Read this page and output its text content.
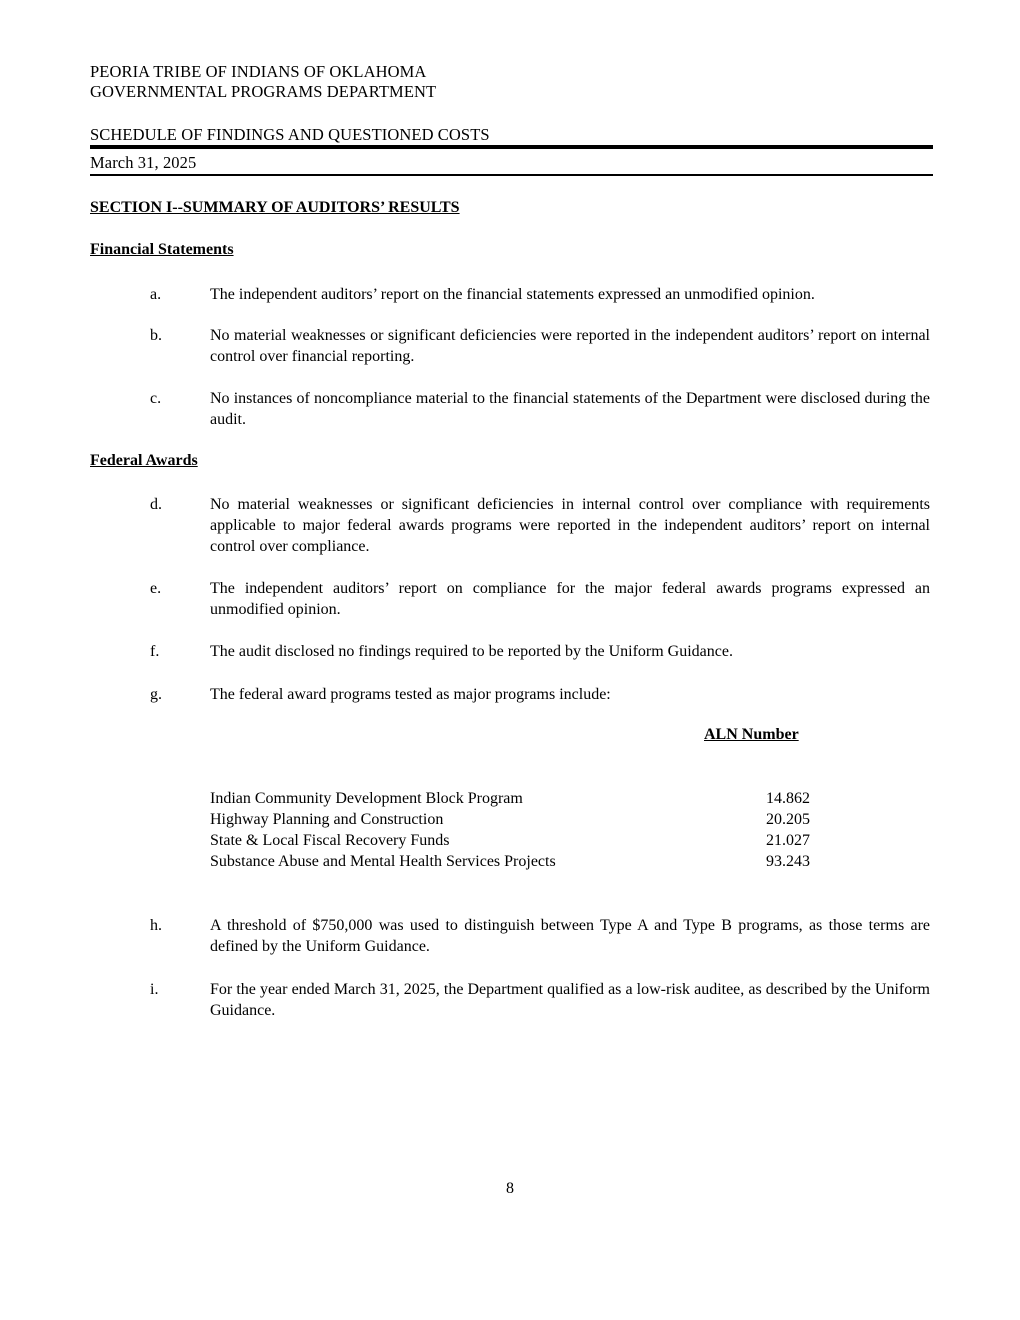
PEORIA TRIBE OF INDIANS OF OKLAHOMA
GOVERNMENTAL PROGRAMS DEPARTMENT
SCHEDULE OF FINDINGS AND QUESTIONED COSTS
March 31, 2025
SECTION I--SUMMARY OF AUDITORS’ RESULTS
Financial Statements
a.	The independent auditors’ report on the financial statements expressed an unmodified opinion.
b.	No material weaknesses or significant deficiencies were reported in the independent auditors’ report on internal control over financial reporting.
c.	No instances of noncompliance material to the financial statements of the Department were disclosed during the audit.
Federal Awards
d.	No material weaknesses or significant deficiencies in internal control over compliance with requirements applicable to major federal awards programs were reported in the independent auditors’ report on internal control over compliance.
e.	The independent auditors’ report on compliance for the major federal awards programs expressed an unmodified opinion.
f.	The audit disclosed no findings required to be reported by the Uniform Guidance.
g.	The federal award programs tested as major programs include:
ALN Number
Indian Community Development Block Program	14.862
Highway Planning and Construction	20.205
State & Local Fiscal Recovery Funds	21.027
Substance Abuse and Mental Health Services Projects	93.243
h.	A threshold of $750,000 was used to distinguish between Type A and Type B programs, as those terms are defined by the Uniform Guidance.
i.	For the year ended March 31, 2025, the Department qualified as a low-risk auditee, as described by the Uniform Guidance.
8
